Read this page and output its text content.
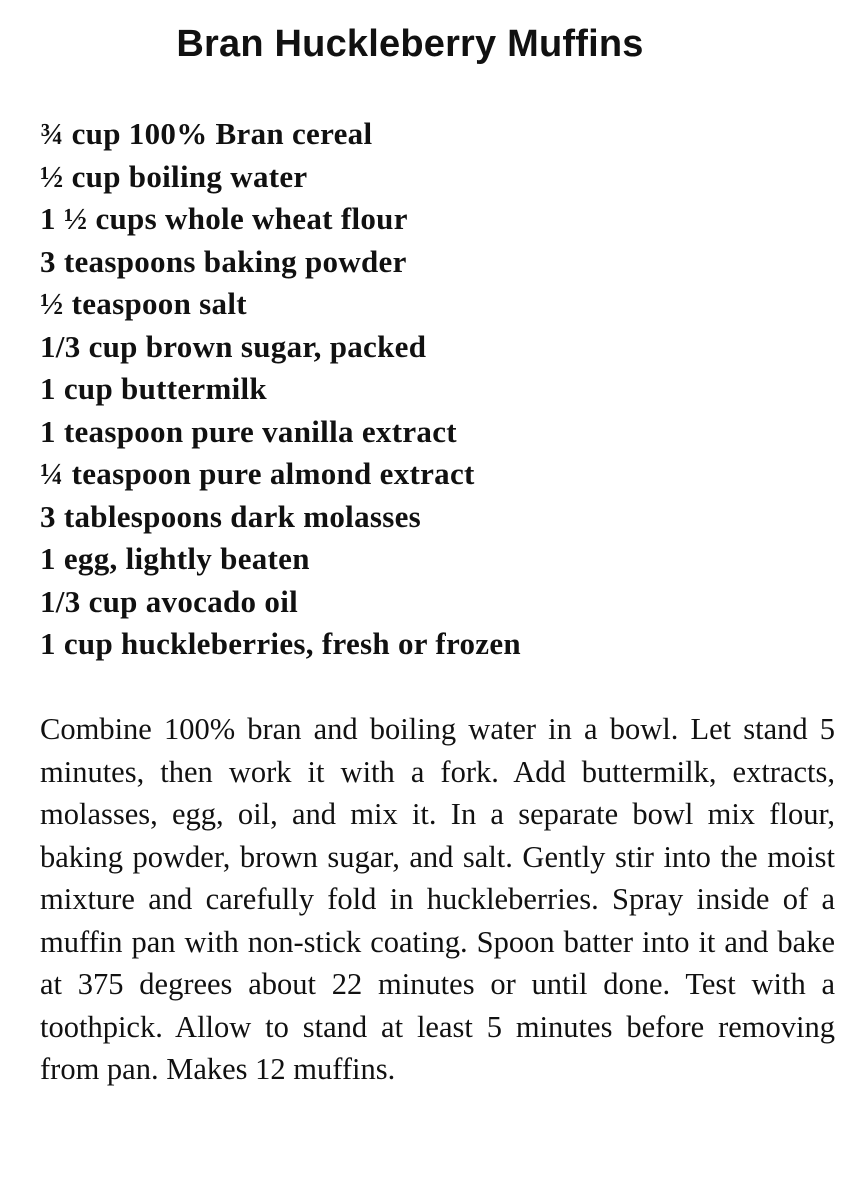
Bran Huckleberry Muffins
¾ cup 100% Bran cereal
½ cup boiling water
1 ½ cups whole wheat flour
3 teaspoons baking powder
½ teaspoon salt
1/3 cup brown sugar, packed
1 cup buttermilk
1 teaspoon pure vanilla extract
¼ teaspoon pure almond extract
3 tablespoons dark molasses
1 egg, lightly beaten
1/3 cup avocado oil
1 cup huckleberries, fresh or frozen

Combine 100% bran and boiling water in a bowl. Let stand 5 minutes, then work it with a fork. Add buttermilk, extracts, molasses, egg, oil, and mix it. In a separate bowl mix flour, baking powder, brown sugar, and salt. Gently stir into the moist mixture and carefully fold in huckleberries. Spray inside of a muffin pan with non-stick coating. Spoon batter into it and bake at 375 degrees about 22 minutes or until done. Test with a toothpick. Allow to stand at least 5 minutes before removing from pan. Makes 12 muffins.
